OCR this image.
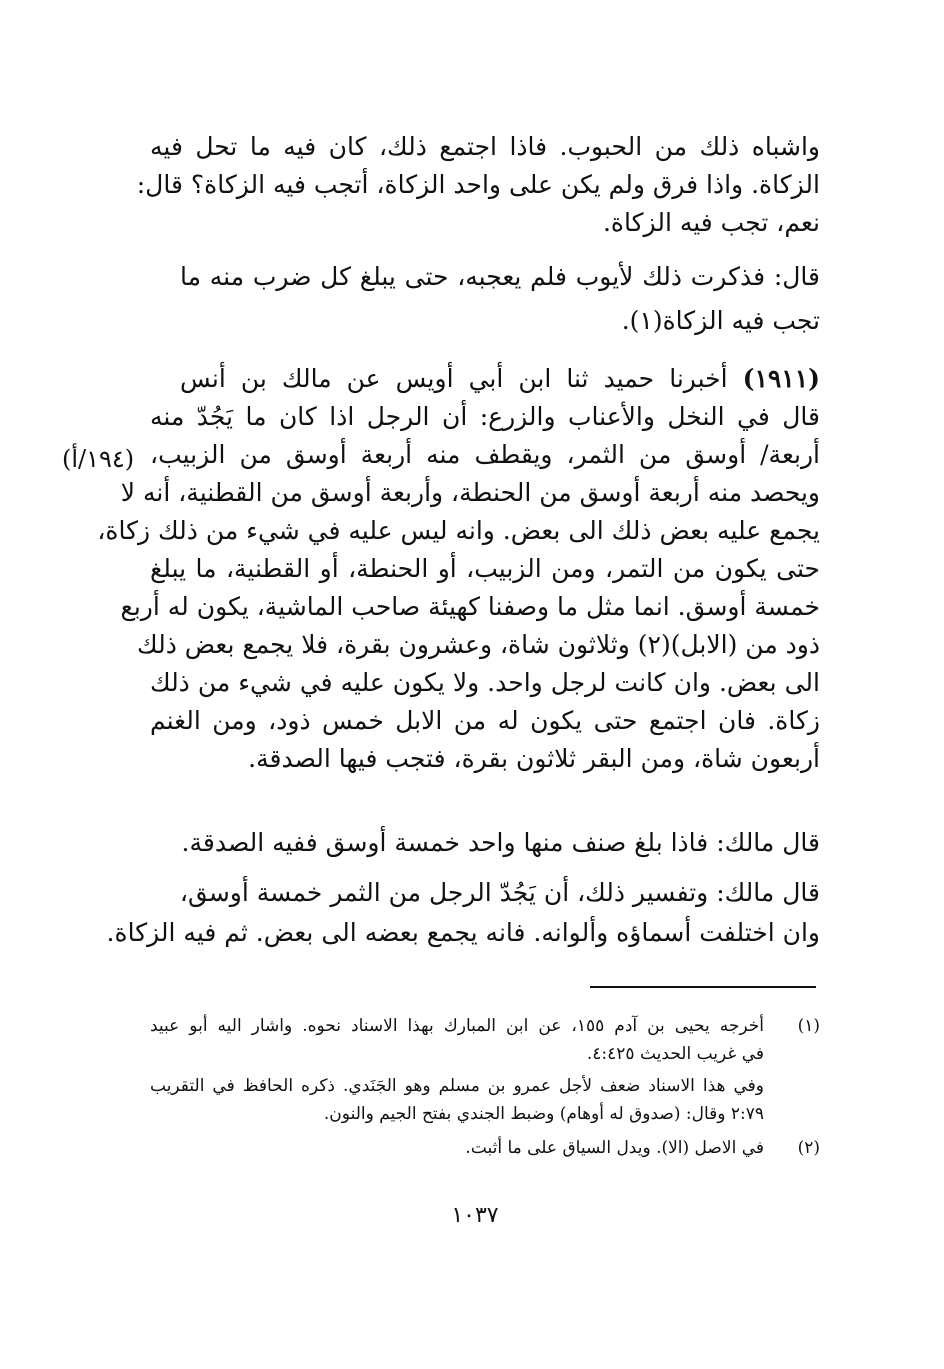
واشباه ذلك من الحبوب. فاذا اجتمع ذلك، كان فيه ما تحل فيه
الزكاة. واذا فرق ولم يكن على واحد الزكاة، أتجب فيه الزكاة؟ قال:
نعم، تجب فيه الزكاة.
قال: فذكرت ذلك لأيوب فلم يعجبه، حتى يبلغ كل ضرب منه ما
تجب فيه الزكاة(١).
(١٩١١) أخبرنا حميد ثنا ابن أبي أويس عن مالك بن أنس
قال في النخل والأعناب والزرع: أن الرجل اذا كان ما يَجُدّ منه
أربعة/ أوسق من الثمر، ويقطف منه أربعة أوسق من الزبيب،
ويحصد منه أربعة أوسق من الحنطة، وأربعة أوسق من القطنية، أنه لا
يجمع عليه بعض ذلك الى بعض. وانه ليس عليه في شيء من ذلك زكاة،
حتى يكون من التمر، ومن الزبيب، أو الحنطة، أو القطنية، ما يبلغ
خمسة أوسق. انما مثل ما وصفنا كهيئة صاحب الماشية، يكون له أربع
ذود من (الابل)(٢) وثلاثون شاة، وعشرون بقرة، فلا يجمع بعض ذلك
الى بعض. وان كانت لرجل واحد. ولا يكون عليه في شيء من ذلك
زكاة. فان اجتمع حتى يكون له من الابل خمس ذود، ومن الغنم
أربعون شاة، ومن البقر ثلاثون بقرة، فتجب فيها الصدقة.
(١٩٤/أ)
قال مالك: فاذا بلغ صنف منها واحد خمسة أوسق ففيه الصدقة.
قال مالك: وتفسير ذلك، أن يَجُدّ الرجل من الثمر خمسة أوسق،
وان اختلفت أسماؤه وألوانه. فانه يجمع بعضه الى بعض. ثم فيه الزكاة.
(١)
أخرجه يحيى بن آدم ١٥٥، عن ابن المبارك بهذا الاسناد نحوه. واشار اليه أبو عبيد
في غريب الحديث ٤:٤٢٥.
وفي هذا الاسناد ضعف لأجل عمرو بن مسلم وهو الجَنَدي. ذكره الحافظ في التقريب
٢:٧٩ وقال: (صدوق له أوهام) وضبط الجندي بفتح الجيم والنون.
(٢)
في الاصل (الا). ويدل السياق على ما أثبت.
١٠٣٧
